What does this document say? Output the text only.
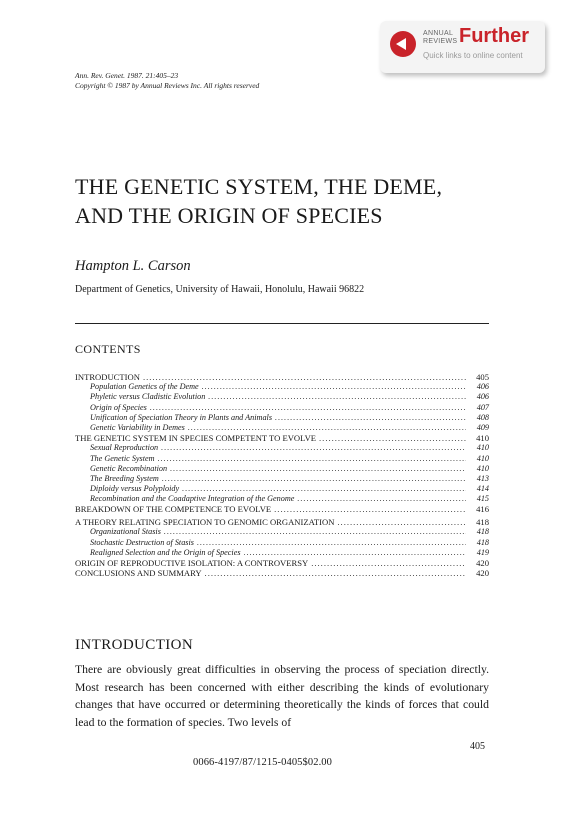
ANNUAL
REVIEWS Further
Quick links to online content
Ann. Rev. Genet. 1987. 21:405–23
Copyright © 1987 by Annual Reviews Inc. All rights reserved
THE GENETIC SYSTEM, THE DEME,
AND THE ORIGIN OF SPECIES
Hampton L. Carson
Department of Genetics, University of Hawaii, Honolulu, Hawaii 96822
CONTENTS
INTRODUCTION .....	405
Population Genetics of the Deme .....	406
Phyletic versus Cladistic Evolution .....	406
Origin of Species .....	407
Unification of Speciation Theory in Plants and Animals .....	408
Genetic Variability in Demes .....	409
THE GENETIC SYSTEM IN SPECIES COMPETENT TO EVOLVE .....	410
Sexual Reproduction .....	410
The Genetic System .....	410
Genetic Recombination .....	410
The Breeding System .....	413
Diploidy versus Polyploidy .....	414
Recombination and the Coadaptive Integration of the Genome .....	415
BREAKDOWN OF THE COMPETENCE TO EVOLVE .....	416
A THEORY RELATING SPECIATION TO GENOMIC ORGANIZATION .....	418
Organizational Stasis .....	418
Stochastic Destruction of Stasis .....	418
Realigned Selection and the Origin of Species .....	419
ORIGIN OF REPRODUCTIVE ISOLATION: A CONTROVERSY .....	420
CONCLUSIONS AND SUMMARY .....	420
INTRODUCTION
There are obviously great difficulties in observing the process of speciation directly. Most research has been concerned with either describing the kinds of evolutionary changes that have occurred or determining theoretically the kinds of forces that could lead to the formation of species. Two levels of
405
0066-4197/87/1215-0405$02.00
